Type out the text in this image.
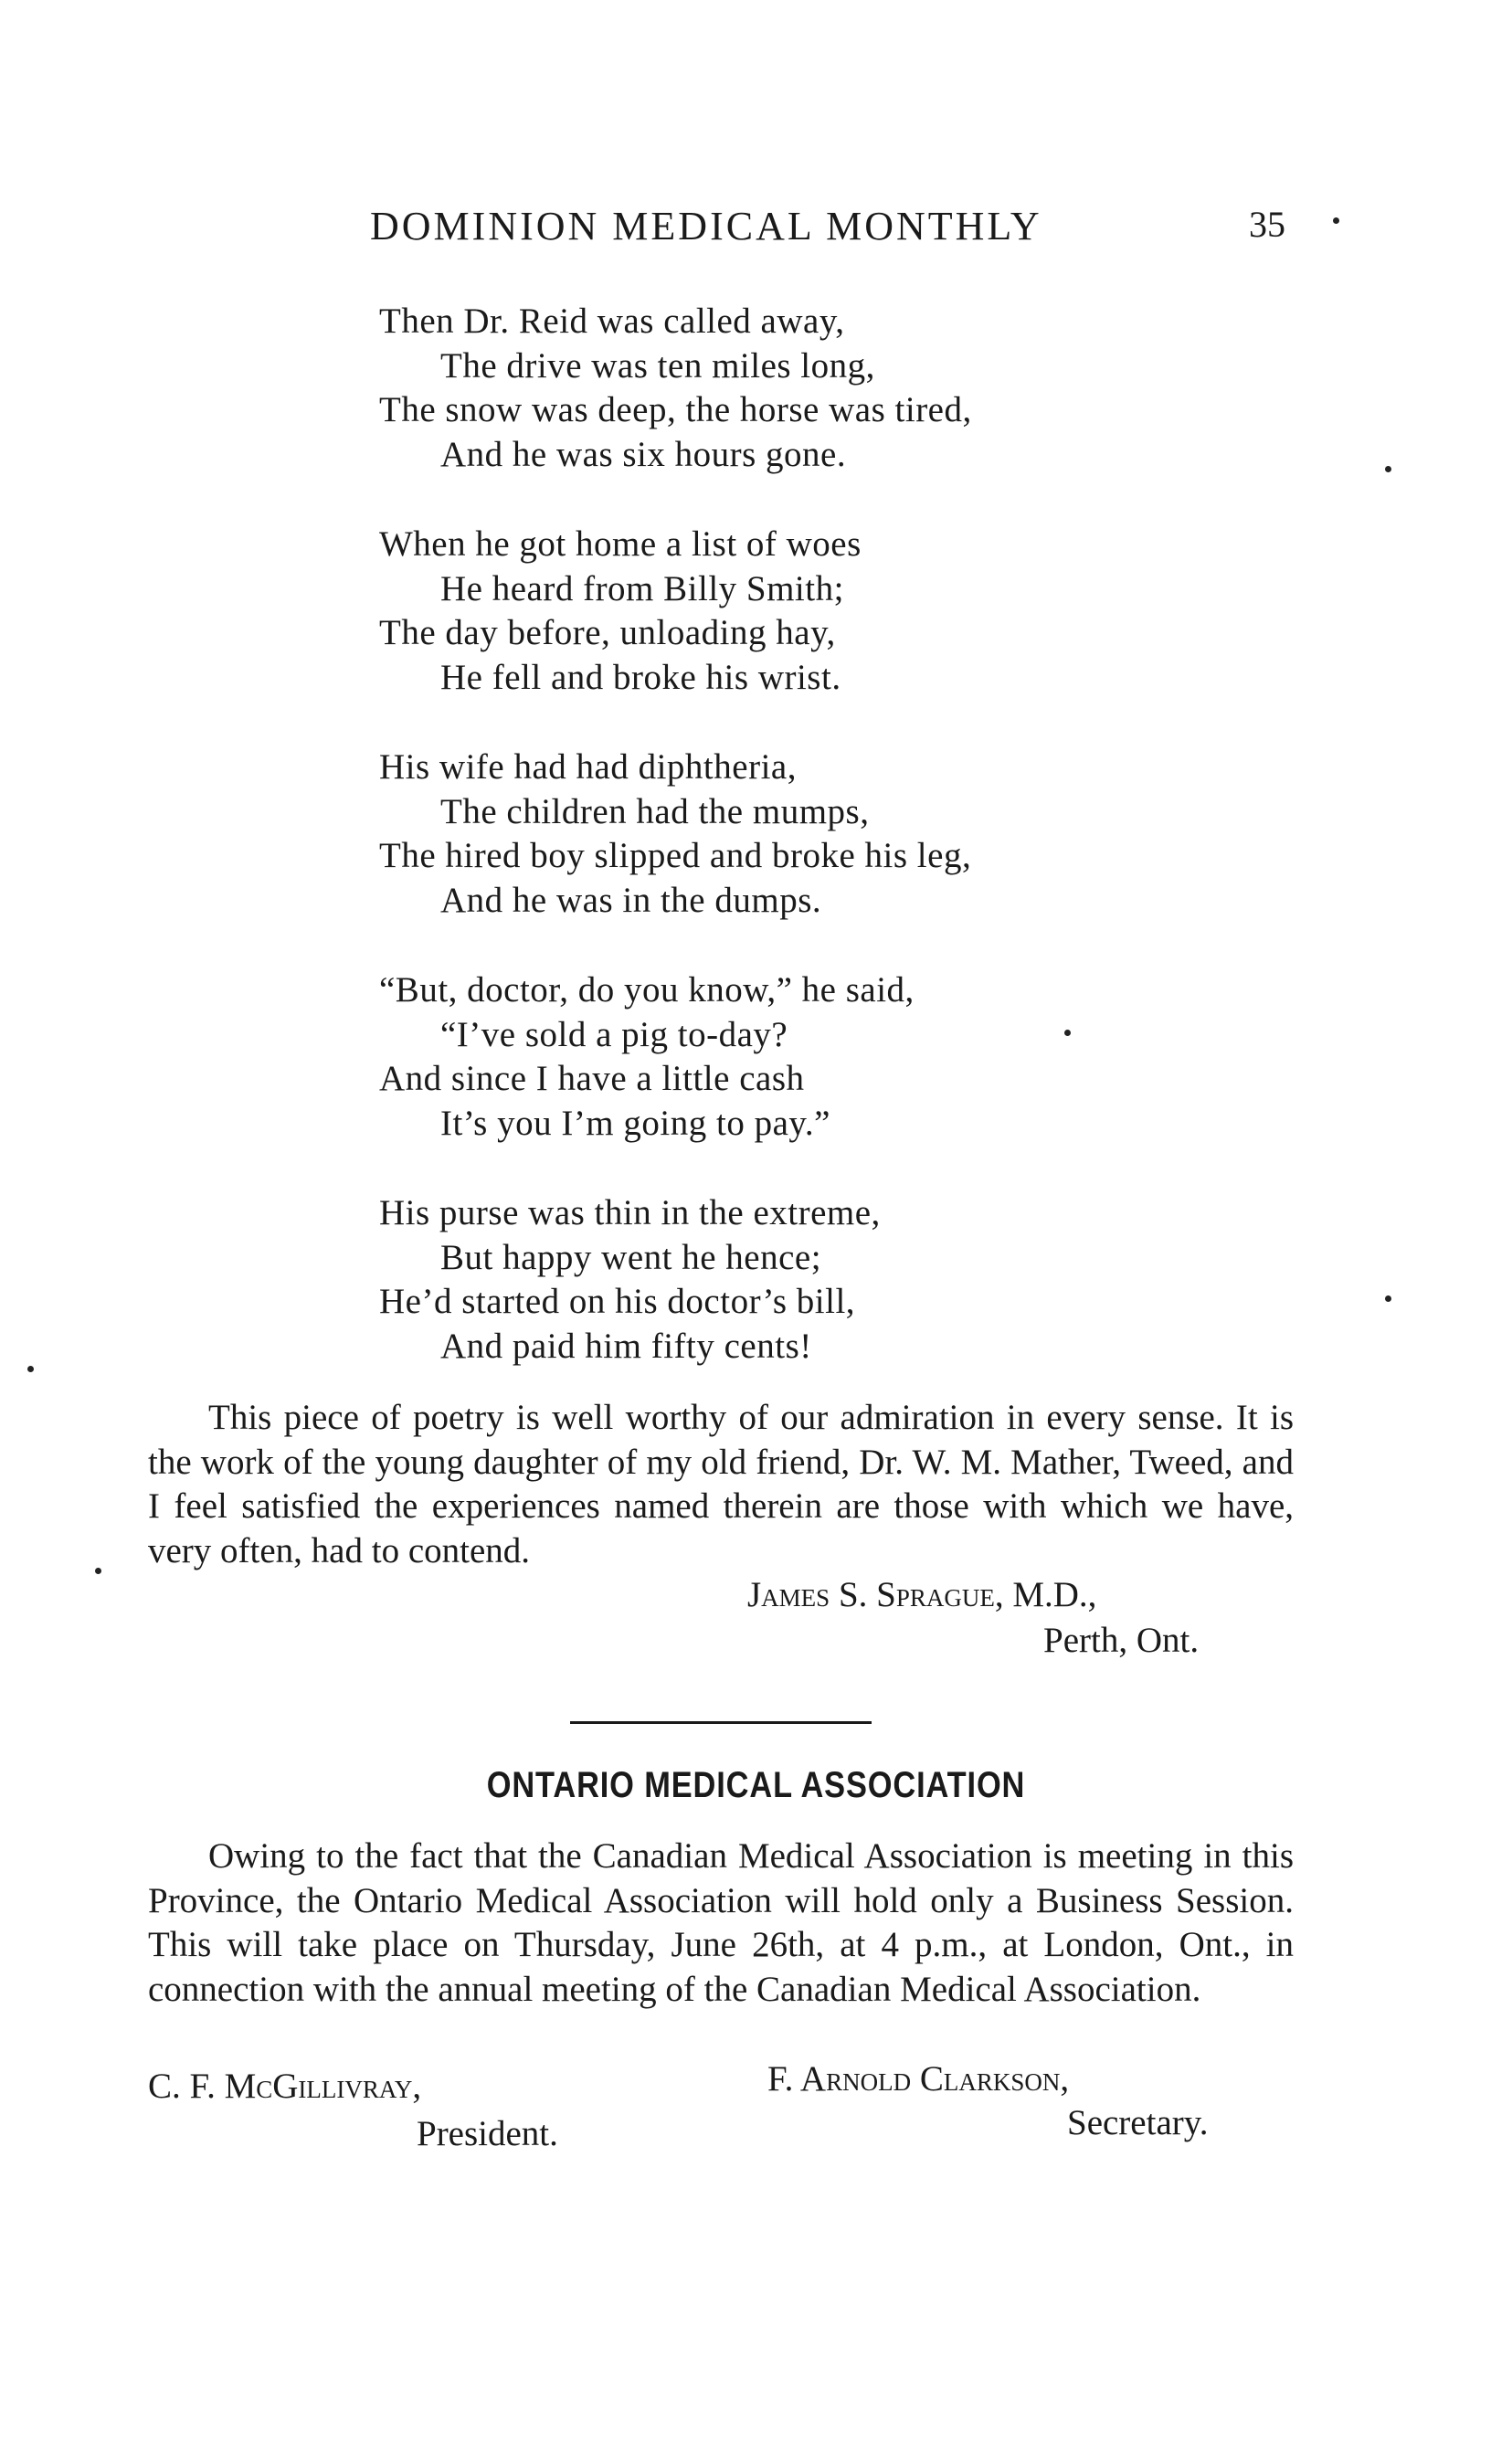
DOMINION MEDICAL MONTHLY	35
Then Dr. Reid was called away,
The drive was ten miles long,
The snow was deep, the horse was tired,
And he was six hours gone.
When he got home a list of woes
He heard from Billy Smith;
The day before, unloading hay,
He fell and broke his wrist.
His wife had had diphtheria,
The children had the mumps,
The hired boy slipped and broke his leg,
And he was in the dumps.
“But, doctor, do you know,” he said,
“I’ve sold a pig to-day?
And since I have a little cash
It’s you I’m going to pay.”
His purse was thin in the extreme,
But happy went he hence;
He’d started on his doctor’s bill,
And paid him fifty cents!

This piece of poetry is well worthy of our admiration in every sense. It is the work of the young daughter of my old friend, Dr. W. M. Mather, Tweed, and I feel satisfied the experiences named therein are those with which we have, very often, had to contend.

James S. Sprague, M.D.,

Perth, Ont.

ONTARIO MEDICAL ASSOCIATION

Owing to the fact that the Canadian Medical Association is meeting in this Province, the Ontario Medical Association will hold only a Business Session. This will take place on Thursday, June 26th, at 4 p.m., at London, Ont., in connection with the annual meeting of the Canadian Medical Association.

C. F. McGillivray,

President.

F. Arnold Clarkson,

Secretary.
